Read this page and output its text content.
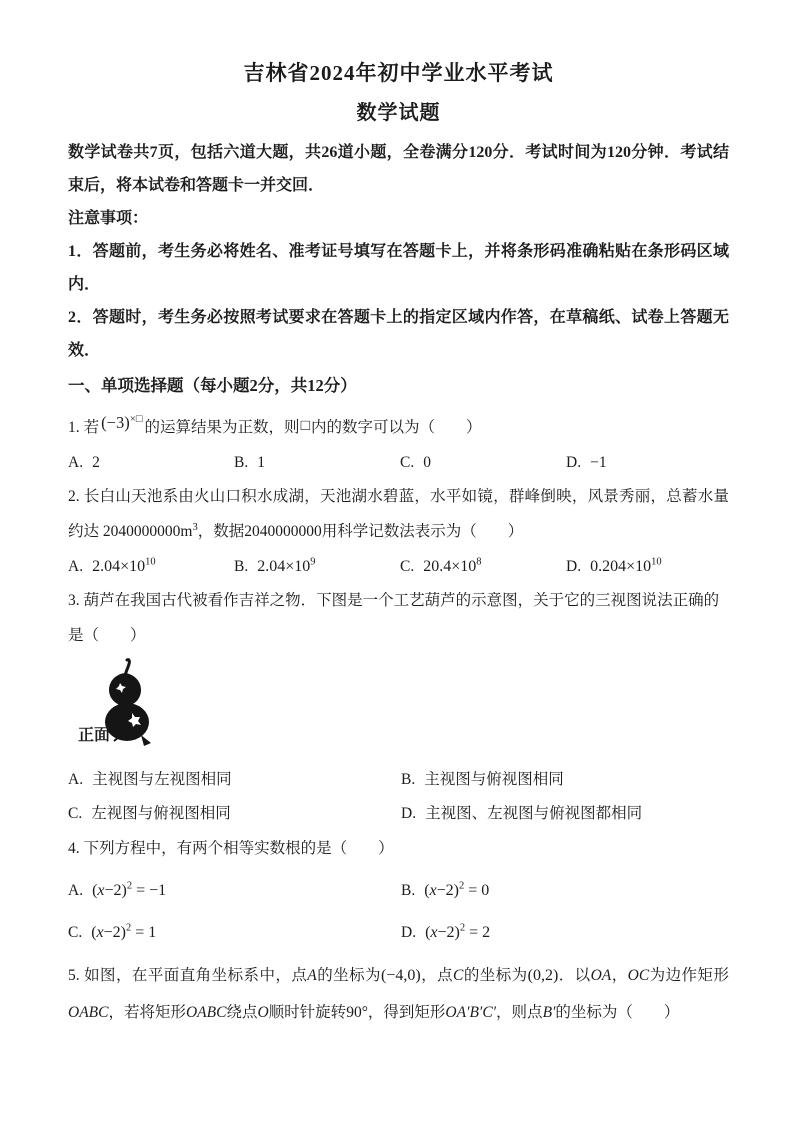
吉林省2024年初中学业水平考试
数学试题

数学试卷共7页，包括六道大题，共26道小题，全卷满分120分．考试时间为120分钟．考试结束后，将本试卷和答题卡一并交回．

注意事项：

1．答题前，考生务必将姓名、准考证号填写在答题卡上，并将条形码准确粘贴在条形码区域内．

2．答题时，考生务必按照考试要求在答题卡上的指定区域内作答，在草稿纸、试卷上答题无效．

一、单项选择题（每小题2分，共12分）

1. 若 (−3)×□的运算结果为正数，则□内的数字可以为（　　）

A. 2	B. 1	C. 0	D. −1

2. 长白山天池系由火山口积水成湖，天池湖水碧蓝，水平如镜，群峰倒映，风景秀丽，总蓄水量约达 $2040000000m^3$，数据2040000000用科学记数法表示为（　　）

A. $2.04\times 10^{10}$	B. $2.04\times 10^9$	C. $20.4\times 10^8$	D. $0.204\times 10^{10}$

3. 葫芦在我国古代被看作吉祥之物．下图是一个工艺葫芦的示意图，关于它的三视图说法正确的是（　　）

正面
A. 主视图与左视图相同	B. 主视图与俯视图相同
C. 左视图与俯视图相同	D. 主视图、左视图与俯视图都相同

4. 下列方程中，有两个相等实数根的是（　　）

A. $(x-2)^2 = -1$	B. $(x-2)^2 = 0$
C. $(x-2)^2 = 1$	D. $(x-2)^2 = 2$

5. 如图，在平面直角坐标系中，点A的坐标为(−4,0)，点C的坐标为(0,2)．以OA，OC为边作矩形OABC，若将矩形OABC绕点O顺时针旋转90°，得到矩形OA′B′C′，则点B′的坐标为（　　）
